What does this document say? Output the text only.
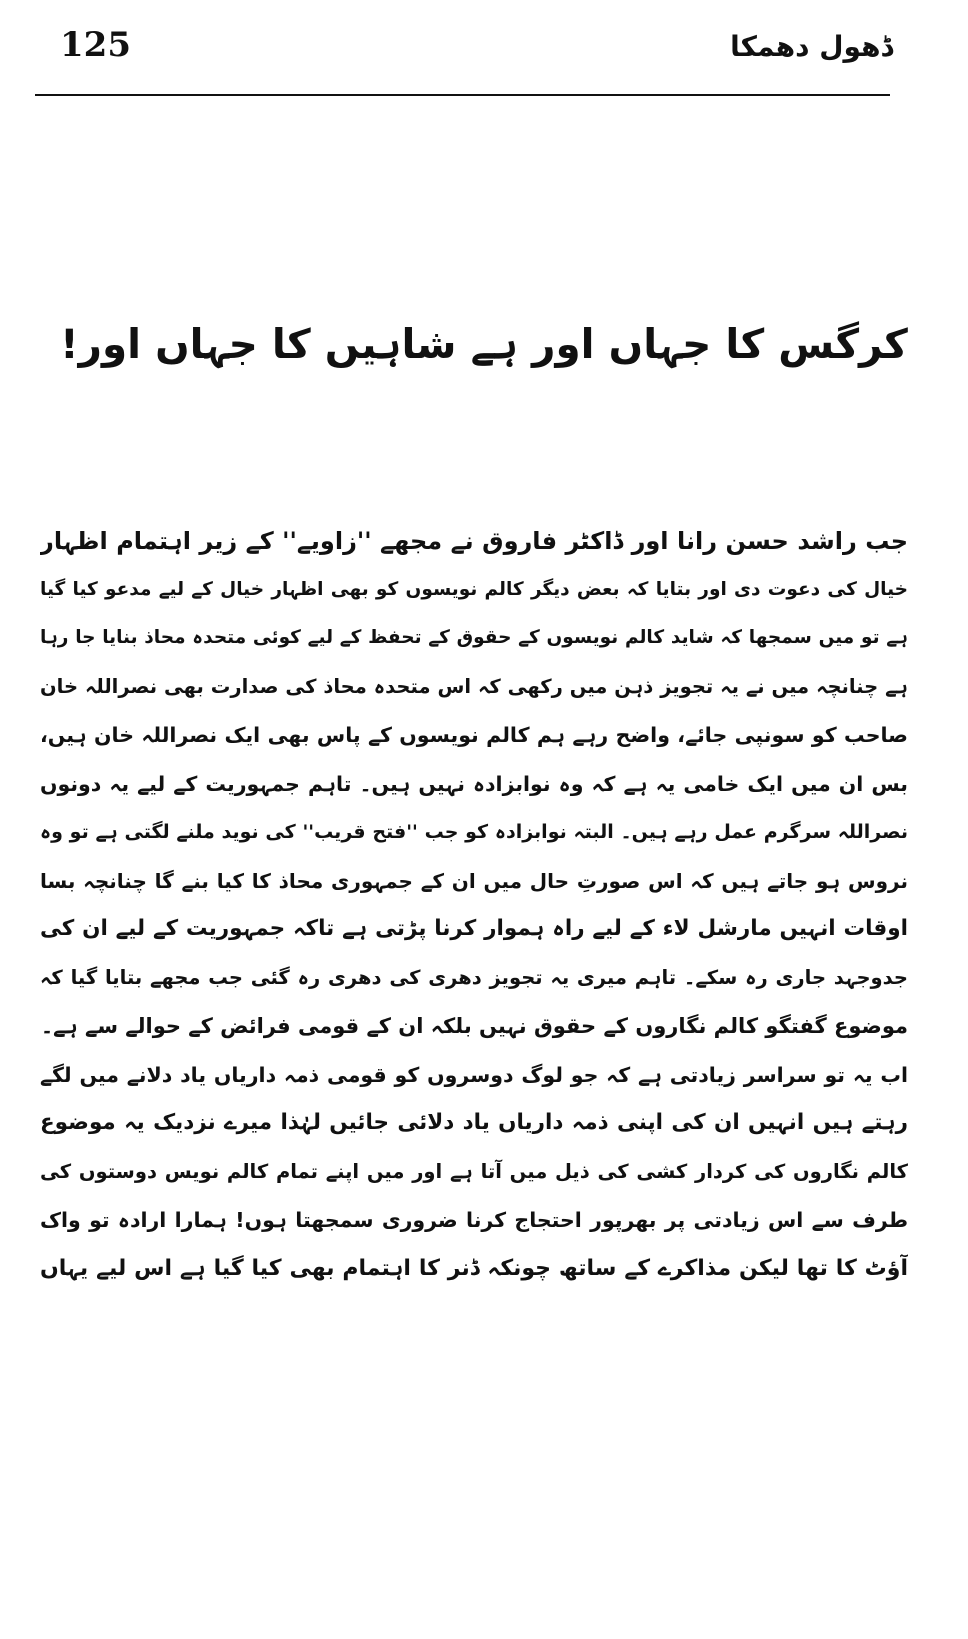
125	ڈھول دھمکا
کرگس کا جہاں اور ہے شاہیں کا جہاں اور!
جب راشد حسن رانا اور ڈاکٹر فاروق نے مجھے ''زاویے'' کے زیر اہتمام اظہار
خیال کی دعوت دی اور بتایا کہ بعض دیگر کالم نویسوں کو بھی اظہار خیال کے لیے مدعو کیا گیا
ہے تو میں سمجھا کہ شاید کالم نویسوں کے حقوق کے تحفظ کے لیے کوئی متحدہ محاذ بنایا جا رہا
ہے چنانچہ میں نے یہ تجویز ذہن میں رکھی کہ اس متحدہ محاذ کی صدارت بھی نصراللہ خان
صاحب کو سونپی جائے، واضح رہے ہم کالم نویسوں کے پاس بھی ایک نصراللہ خان ہیں،
بس ان میں ایک خامی یہ ہے کہ وہ نوابزادہ نہیں ہیں۔ تاہم جمہوریت کے لیے یہ دونوں
نصراللہ سرگرم عمل رہے ہیں۔ البتہ نوابزادہ کو جب ''فتح قریب'' کی نوید ملنے لگتی ہے تو وہ
نروس ہو جاتے ہیں کہ اس صورتِ حال میں ان کے جمہوری محاذ کا کیا بنے گا چنانچہ بسا
اوقات انہیں مارشل لاء کے لیے راہ ہموار کرنا پڑتی ہے تاکہ جمہوریت کے لیے ان کی
جدوجہد جاری رہ سکے۔ تاہم میری یہ تجویز دھری کی دھری رہ گئی جب مجھے بتایا گیا کہ
موضوع گفتگو کالم نگاروں کے حقوق نہیں بلکہ ان کے قومی فرائض کے حوالے سے ہے۔
اب یہ تو سراسر زیادتی ہے کہ جو لوگ دوسروں کو قومی ذمہ داریاں یاد دلانے میں لگے
رہتے ہیں انہیں ان کی اپنی ذمہ داریاں یاد دلائی جائیں لہٰذا میرے نزدیک یہ موضوع
کالم نگاروں کی کردار کشی کی ذیل میں آتا ہے اور میں اپنے تمام کالم نویس دوستوں کی
طرف سے اس زیادتی پر بھرپور احتجاج کرنا ضروری سمجھتا ہوں! ہمارا ارادہ تو واک
آؤٹ کا تھا لیکن مذاکرے کے ساتھ چونکہ ڈنر کا اہتمام بھی کیا گیا ہے اس لیے یہاں
